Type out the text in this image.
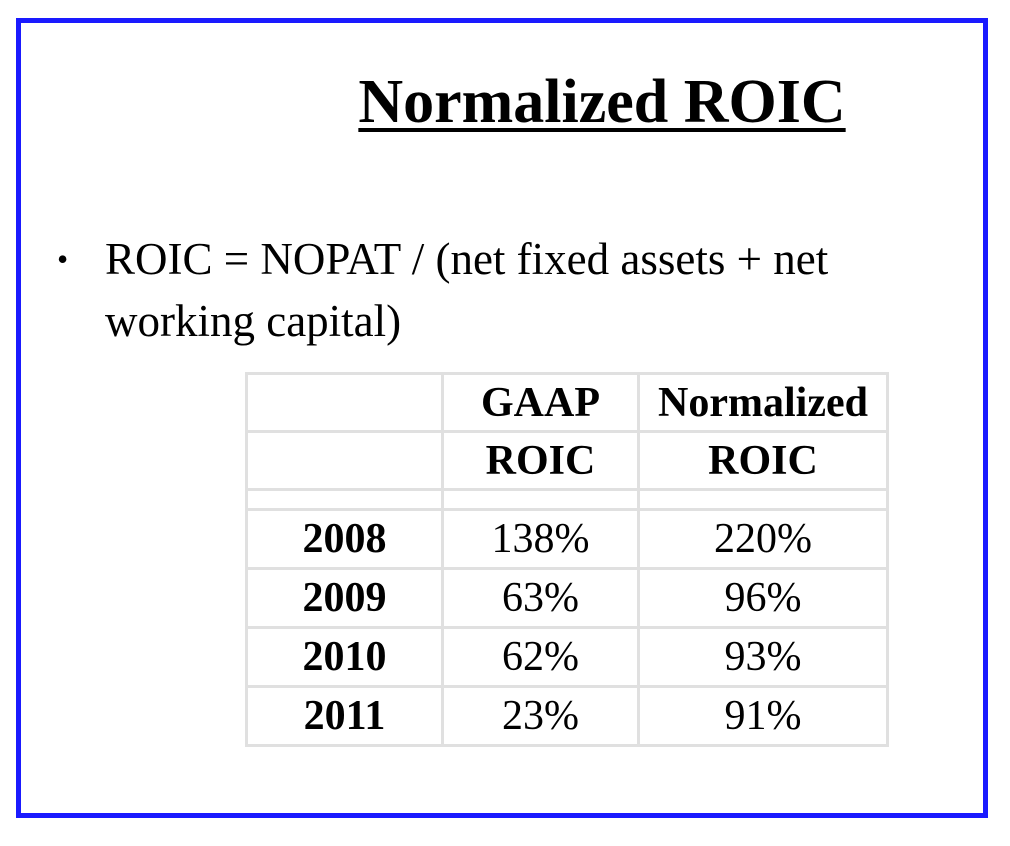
Normalized ROIC
• ROIC = NOPAT / (net fixed assets + net working capital)
	GAAP	Normalized
	ROIC	ROIC

2008	138%	220%
2009	63%	96%
2010	62%	93%
2011	23%	91%
